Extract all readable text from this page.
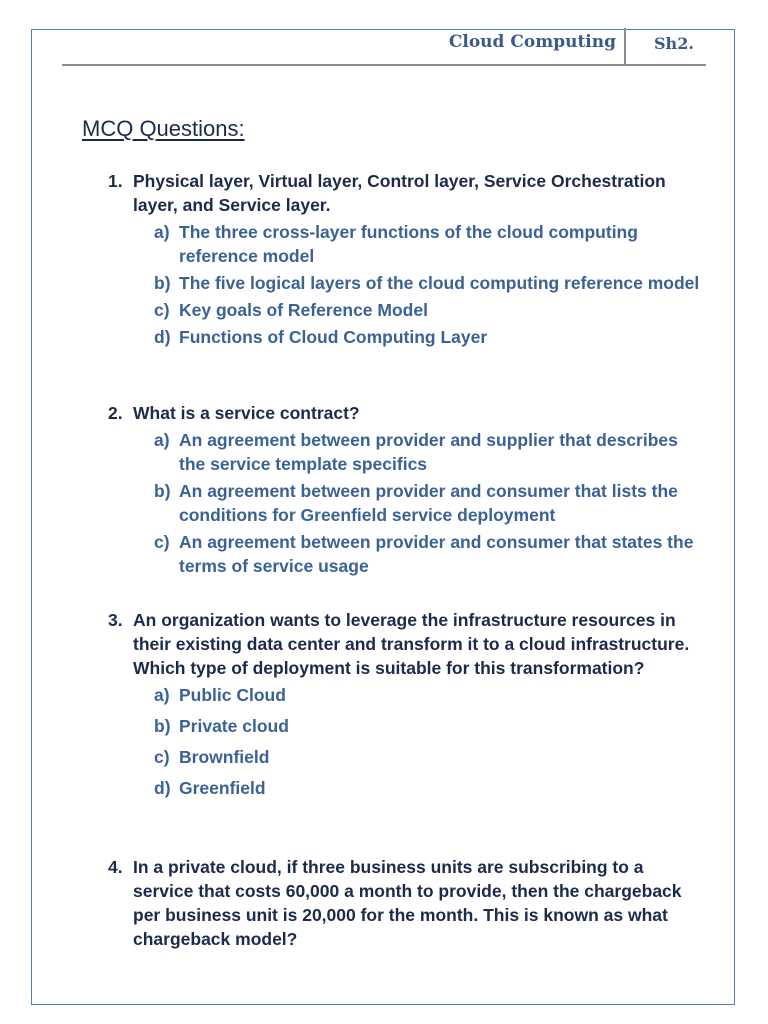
Cloud Computing Sh2.
MCQ Questions:
1. Physical layer, Virtual layer, Control layer, Service Orchestration layer, and Service layer.
a) The three cross-layer functions of the cloud computing reference model
b) The five logical layers of the cloud computing reference model
c) Key goals of Reference Model
d) Functions of Cloud Computing Layer
2. What is a service contract?
a) An agreement between provider and supplier that describes the service template specifics
b) An agreement between provider and consumer that lists the conditions for Greenfield service deployment
c) An agreement between provider and consumer that states the terms of service usage
3. An organization wants to leverage the infrastructure resources in their existing data center and transform it to a cloud infrastructure. Which type of deployment is suitable for this transformation?
a) Public Cloud
b) Private cloud
c) Brownfield
d) Greenfield
4. In a private cloud, if three business units are subscribing to a service that costs 60,000 a month to provide, then the chargeback per business unit is 20,000 for the month. This is known as what chargeback model?
